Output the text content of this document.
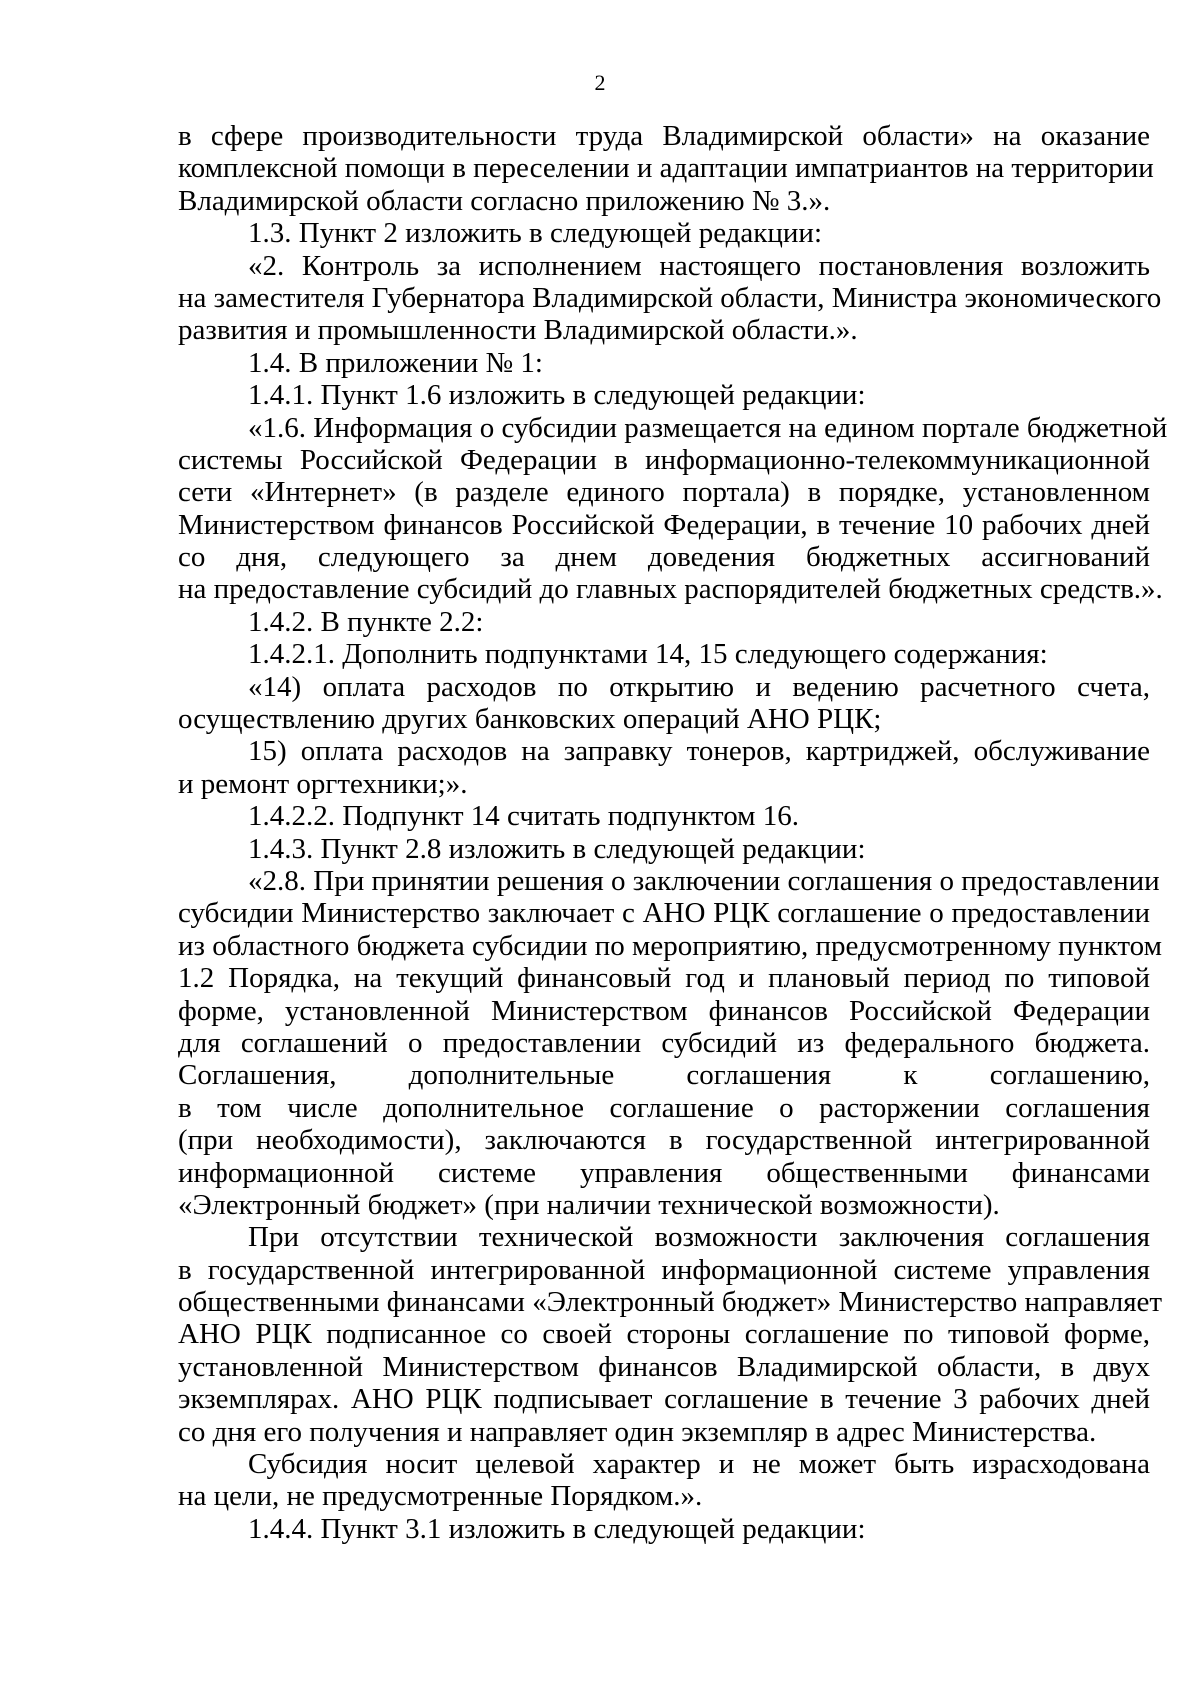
2
в сфере производительности труда Владимирской области» на оказание
комплексной помощи в переселении и адаптации импатриантов на территории
Владимирской области согласно приложению № 3.».
1.3. Пункт 2 изложить в следующей редакции:
«2. Контроль за исполнением настоящего постановления возложить
на заместителя Губернатора Владимирской области, Министра экономического
развития и промышленности Владимирской области.».
1.4. В приложении № 1:
1.4.1. Пункт 1.6 изложить в следующей редакции:
«1.6. Информация о субсидии размещается на едином портале бюджетной
системы Российской Федерации в информационно-телекоммуникационной
сети «Интернет» (в разделе единого портала) в порядке, установленном
Министерством финансов Российской Федерации, в течение 10 рабочих дней
со дня, следующего за днем доведения бюджетных ассигнований
на предоставление субсидий до главных распорядителей бюджетных средств.».
1.4.2. В пункте 2.2:
1.4.2.1. Дополнить подпунктами 14, 15 следующего содержания:
«14) оплата расходов по открытию и ведению расчетного счета,
осуществлению других банковских операций АНО РЦК;
15) оплата расходов на заправку тонеров, картриджей, обслуживание
и ремонт оргтехники;».
1.4.2.2. Подпункт 14 считать подпунктом 16.
1.4.3. Пункт 2.8 изложить в следующей редакции:
«2.8. При принятии решения о заключении соглашения о предоставлении
субсидии Министерство заключает с АНО РЦК соглашение о предоставлении
из областного бюджета субсидии по мероприятию, предусмотренному пунктом
1.2 Порядка, на текущий финансовый год и плановый период по типовой
форме, установленной Министерством финансов Российской Федерации
для соглашений о предоставлении субсидий из федерального бюджета.
Соглашения, дополнительные соглашения к соглашению,
в том числе дополнительное соглашение о расторжении соглашения
(при необходимости), заключаются в государственной интегрированной
информационной системе управления общественными финансами
«Электронный бюджет» (при наличии технической возможности).
При отсутствии технической возможности заключения соглашения
в государственной интегрированной информационной системе управления
общественными финансами «Электронный бюджет» Министерство направляет
АНО РЦК подписанное со своей стороны соглашение по типовой форме,
установленной Министерством финансов Владимирской области, в двух
экземплярах. АНО РЦК подписывает соглашение в течение 3 рабочих дней
со дня его получения и направляет один экземпляр в адрес Министерства.
Субсидия носит целевой характер и не может быть израсходована
на цели, не предусмотренные Порядком.».
1.4.4. Пункт 3.1 изложить в следующей редакции:
